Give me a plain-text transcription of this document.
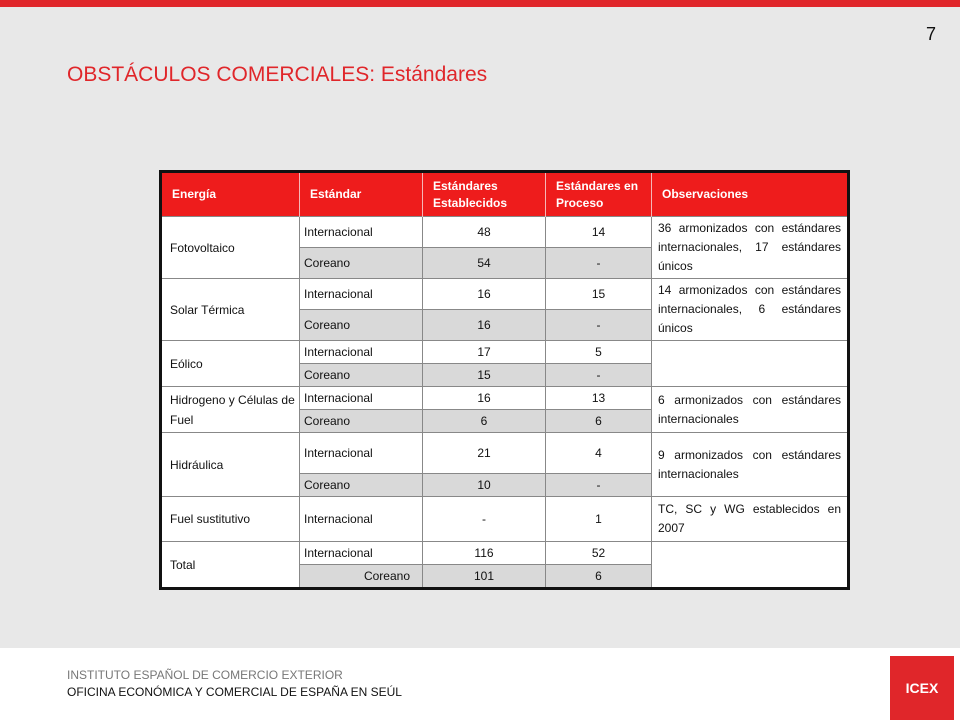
7
OBSTÁCULOS COMERCIALES: Estándares
Energía	Estándar	Estándares Establecidos	Estándares en Proceso	Observaciones
Fotovoltaico	Internacional	48	14	36 armonizados con estándares internacionales, 17 estándares únicos
	Coreano	54	-	
Solar Térmica	Internacional	16	15	14 armonizados con estándares internacionales, 6 estándares únicos
	Coreano	16	-	
Eólico	Internacional	17	5	
	Coreano	15	-	
Hidrogeno y Células de Fuel	Internacional	16	13	6 armonizados con estándares internacionales
	Coreano	6	6	
Hidráulica	Internacional	21	4	9 armonizados con estándares internacionales
	Coreano	10	-	
Fuel sustitutivo	Internacional	-	1	TC, SC y WG establecidos en 2007
Total	Internacional	116	52	
	Coreano	101	6	
INSTITUTO ESPAÑOL DE COMERCIO EXTERIOR
OFICINA ECONÓMICA Y COMERCIAL DE ESPAÑA EN SEÚL	ICEX
